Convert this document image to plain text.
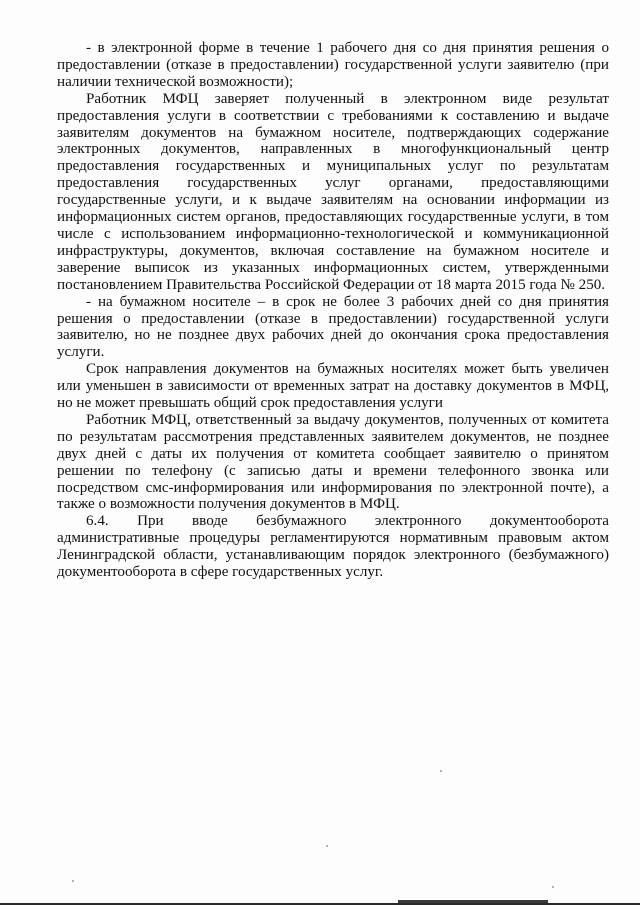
- в электронной форме в течение 1 рабочего дня со дня принятия решения о предоставлении (отказе в предоставлении) государственной услуги заявителю (при наличии технической возможности);

Работник МФЦ заверяет полученный в электронном виде результат предоставления услуги в соответствии с требованиями к составлению и выдаче заявителям документов на бумажном носителе, подтверждающих содержание электронных документов, направленных в многофункциональный центр предоставления государственных и муниципальных услуг по результатам предоставления государственных услуг органами, предоставляющими государственные услуги, и к выдаче заявителям на основании информации из информационных систем органов, предоставляющих государственные услуги, в том числе с использованием информационно-технологической и коммуникационной инфраструктуры, документов, включая составление на бумажном носителе и заверение выписок из указанных информационных систем, утвержденными постановлением Правительства Российской Федерации от 18 марта 2015 года № 250.

- на бумажном носителе – в срок не более 3 рабочих дней со дня принятия решения о предоставлении (отказе в предоставлении) государственной услуги заявителю, но не позднее двух рабочих дней до окончания срока предоставления услуги.

Срок направления документов на бумажных носителях может быть увеличен или уменьшен в зависимости от временных затрат на доставку документов в МФЦ, но не может превышать общий срок предоставления услуги

Работник МФЦ, ответственный за выдачу документов, полученных от комитета по результатам рассмотрения представленных заявителем документов, не позднее двух дней с даты их получения от комитета сообщает заявителю о принятом решении по телефону (с записью даты и времени телефонного звонка или посредством смс-информирования или информирования по электронной почте), а также о возможности получения документов в МФЦ.

6.4. При вводе безбумажного электронного документооборота административные процедуры регламентируются нормативным правовым актом Ленинградской области, устанавливающим порядок электронного (безбумажного) документооборота в сфере государственных услуг.
